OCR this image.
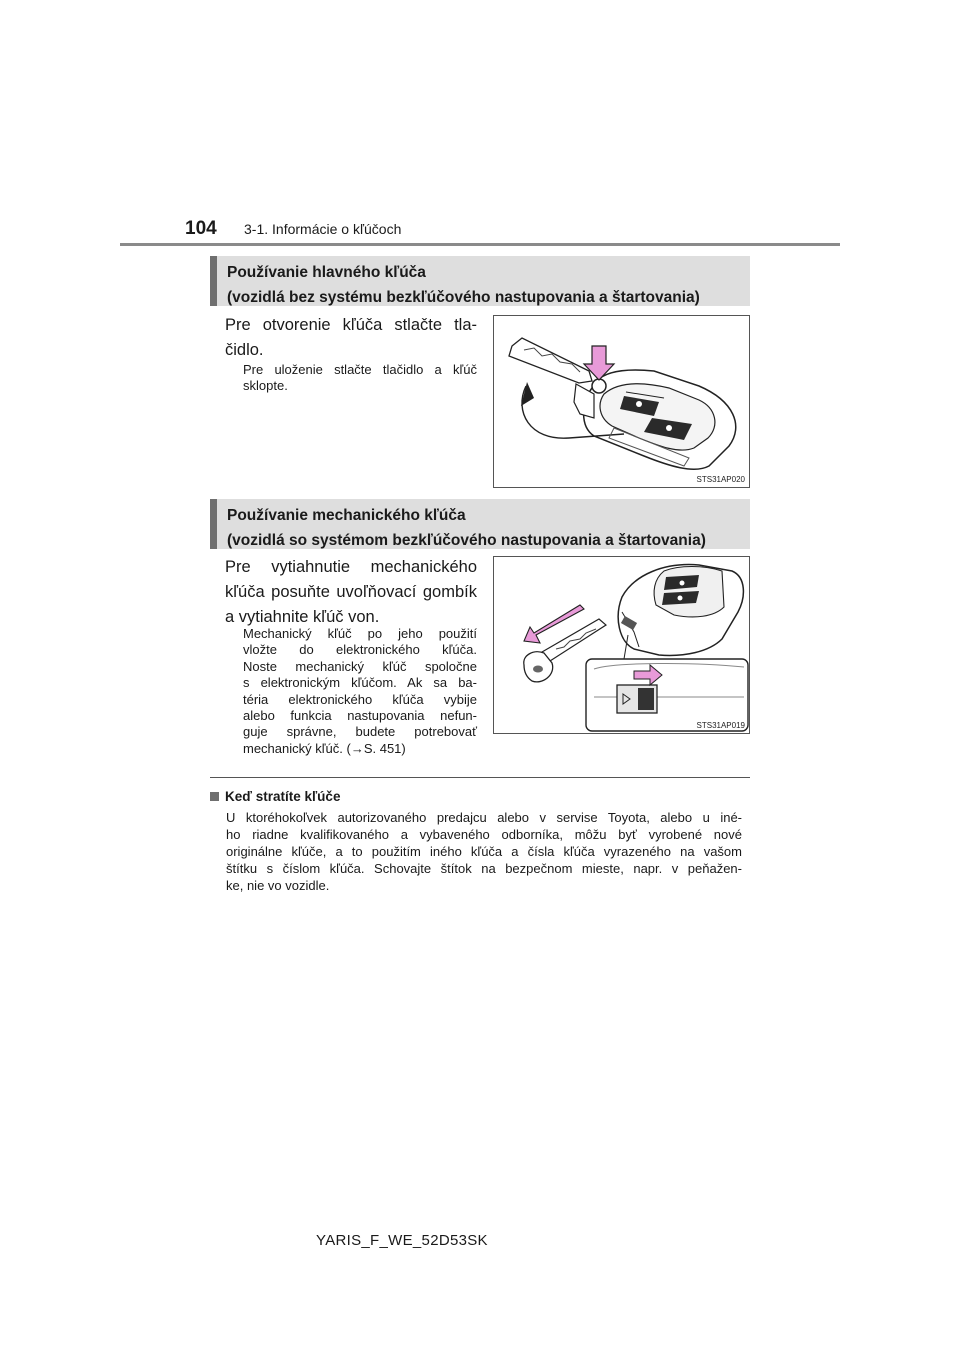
104 3-1. Informácie o kľúčoch
Používanie hlavného kľúča
(vozidlá bez systému bezkľúčového nastupovania a štartovania)
Pre otvorenie kľúča stlačte tla-
čidlo.
Pre uloženie stlačte tlačidlo a kľúč
sklopte.
STS31AP020
Používanie mechanického kľúča
(vozidlá so systémom bezkľúčového nastupovania a štartovania)
Pre vytiahnutie mechanického
kľúča posuňte uvoľňovací gombík
a vytiahnite kľúč von.
Mechanický kľúč po jeho použití
vložte do elektronického kľúča.
Noste mechanický kľúč spoločne
s elektronickým kľúčom. Ak sa ba-
téria elektronického kľúča vybije
alebo funkcia nastupovania nefun-
guje správne, budete potrebovať
mechanický kľúč. (→S. 451)
STS31AP019
Keď stratíte kľúče
U ktoréhokoľvek autorizovaného predajcu alebo v servise Toyota, alebo u iné-
ho riadne kvalifikovaného a vybaveného odborníka, môžu byť vyrobené nové
originálne kľúče, a to použitím iného kľúča a čísla kľúča vyrazeného na vašom
štítku s číslom kľúča. Schovajte štítok na bezpečnom mieste, napr. v peňažen-
ke, nie vo vozidle.
YARIS_F_WE_52D53SK
